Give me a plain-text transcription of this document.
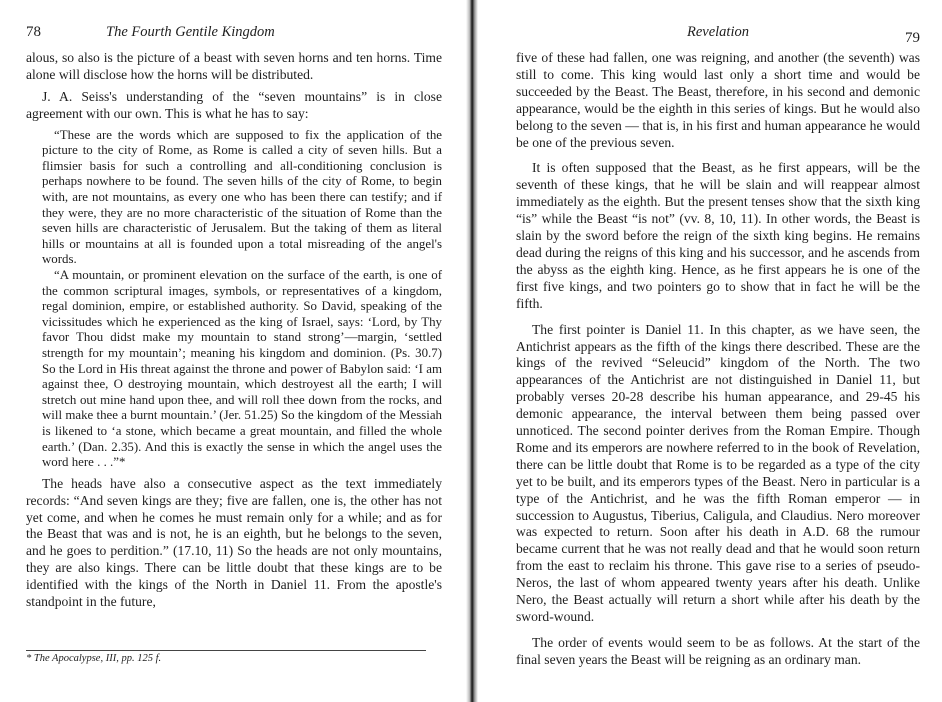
78	The Fourth Gentile Kingdom

alous, so also is the picture of a beast with seven horns and ten horns. Time alone will disclose how the horns will be distributed.

J. A. Seiss's understanding of the “seven mountains” is in close agreement with our own. This is what he has to say:

“These are the words which are supposed to fix the application of the picture to the city of Rome, as Rome is called a city of seven hills. But a flimsier basis for such a controlling and all-conditioning conclusion is perhaps nowhere to be found. The seven hills of the city of Rome, to begin with, are not mountains, as every one who has been there can testify; and if they were, they are no more characteristic of the situation of Rome than the seven hills are characteristic of Jerusalem. But the taking of them as literal hills or mountains at all is founded upon a total misreading of the angel's words.

“A mountain, or prominent elevation on the surface of the earth, is one of the common scriptural images, symbols, or representatives of a kingdom, regal dominion, empire, or established authority. So David, speaking of the vicissitudes which he experienced as the king of Israel, says: ‘Lord, by Thy favor Thou didst make my mountain to stand strong’—margin, ‘settled strength for my mountain’; meaning his kingdom and dominion. (Ps. 30.7) So the Lord in His threat against the throne and power of Babylon said: ‘I am against thee, O destroying mountain, which destroyest all the earth; I will stretch out mine hand upon thee, and will roll thee down from the rocks, and will make thee a burnt mountain.’ (Jer. 51.25) So the kingdom of the Messiah is likened to ‘a stone, which became a great mountain, and filled the whole earth.’ (Dan. 2.35). And this is exactly the sense in which the angel uses the word here . . .”*

The heads have also a consecutive aspect as the text immediately records: “And seven kings are they; five are fallen, one is, the other has not yet come, and when he comes he must remain only for a while; and as for the Beast that was and is not, he is an eighth, but he belongs to the seven, and he goes to perdition.” (17.10, 11) So the heads are not only mountains, they are also kings. There can be little doubt that these kings are to be identified with the kings of the North in Daniel 11. From the apostle's standpoint in the future,

* The Apocalypse, III, pp. 125 f.
Revelation	79

five of these had fallen, one was reigning, and another (the seventh) was still to come. This king would last only a short time and would be succeeded by the Beast. The Beast, therefore, in his second and demonic appearance, would be the eighth in this series of kings. But he would also belong to the seven — that is, in his first and human appearance he would be one of the previous seven.

It is often supposed that the Beast, as he first appears, will be the seventh of these kings, that he will be slain and will reappear almost immediately as the eighth. But the present tenses show that the sixth king “is” while the Beast “is not” (vv. 8, 10, 11). In other words, the Beast is slain by the sword before the reign of the sixth king begins. He remains dead during the reigns of this king and his successor, and he ascends from the abyss as the eighth king. Hence, as he first appears he is one of the first five kings, and two pointers go to show that in fact he will be the fifth.

The first pointer is Daniel 11. In this chapter, as we have seen, the Antichrist appears as the fifth of the kings there described. These are the kings of the revived “Seleucid” kingdom of the North. The two appearances of the Antichrist are not distinguished in Daniel 11, but probably verses 20-28 describe his human appearance, and 29-45 his demonic appearance, the interval between them being passed over unnoticed. The second pointer derives from the Roman Empire. Though Rome and its emperors are nowhere referred to in the book of Revelation, there can be little doubt that Rome is to be regarded as a type of the city yet to be built, and its emperors types of the Beast. Nero in particular is a type of the Antichrist, and he was the fifth Roman emperor — in succession to Augustus, Tiberius, Caligula, and Claudius. Nero moreover was expected to return. Soon after his death in A.D. 68 the rumour became current that he was not really dead and that he would soon return from the east to reclaim his throne. This gave rise to a series of pseudo-Neros, the last of whom appeared twenty years after his death. Unlike Nero, the Beast actually will return a short while after his death by the sword-wound.

The order of events would seem to be as follows. At the start of the final seven years the Beast will be reigning as an ordinary man.
